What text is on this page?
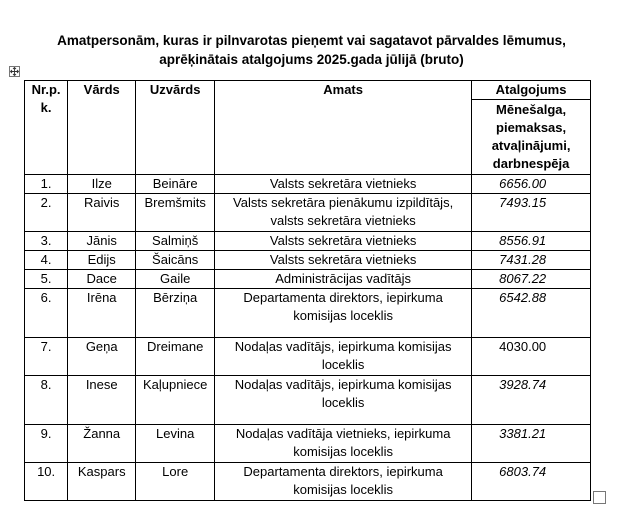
Amatpersonām, kuras ir pilnvarotas pieņemt vai sagatavot pārvaldes lēmumus,
aprēķinātais atalgojums 2025.gada jūlijā (bruto)
Nr.p.
k.	Vārds	Uzvārds	Amats	Atalgojums
				Mēnešalga, piemaksas, atvaļinājumi, darbnespēja
1.	Ilze	Beināre	Valsts sekretāra vietnieks	6656.00
2.	Raivis	Bremšmits	Valsts sekretāra pienākumu izpildītājs, valsts sekretāra vietnieks	7493.15
3.	Jānis	Salmiņš	Valsts sekretāra vietnieks	8556.91
4.	Edijs	Šaicāns	Valsts sekretāra vietnieks	7431.28
5.	Dace	Gaile	Administrācijas vadītājs	8067.22
6.	Irēna	Bērziņa	Departamenta direktors, iepirkuma komisijas loceklis	6542.88
7.	Geņa	Dreimane	Nodaļas vadītājs, iepirkuma komisijas loceklis	4030.00
8.	Inese	Kaļupniece	Nodaļas vadītājs, iepirkuma komisijas loceklis	3928.74
9.	Žanna	Levina	Nodaļas vadītāja vietnieks, iepirkuma komisijas loceklis	3381.21
10.	Kaspars	Lore	Departamenta direktors, iepirkuma komisijas loceklis	6803.74
